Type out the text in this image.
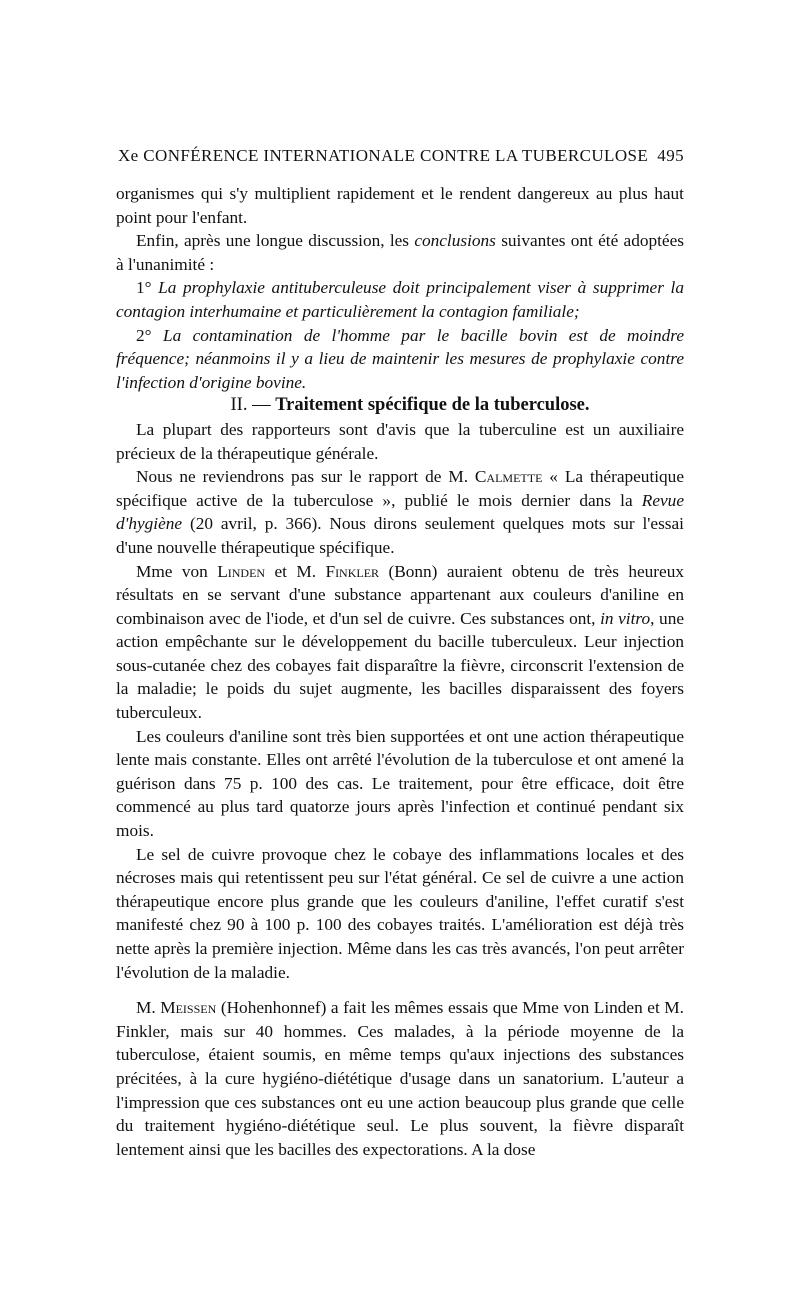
Xe CONFÉRENCE INTERNATIONALE CONTRE LA TUBERCULOSE 495

organismes qui s'y multiplient rapidement et le rendent dangereux au plus haut point pour l'enfant.

Enfin, après une longue discussion, les conclusions suivantes ont été adoptées à l'unanimité :

1° La prophylaxie antituberculeuse doit principalement viser à supprimer la contagion interhumaine et particulièrement la contagion familiale;

2° La contamination de l'homme par le bacille bovin est de moindre fréquence; néanmoins il y a lieu de maintenir les mesures de prophylaxie contre l'infection d'origine bovine.

II. — Traitement spécifique de la tuberculose.

La plupart des rapporteurs sont d'avis que la tuberculine est un auxiliaire précieux de la thérapeutique générale.

Nous ne reviendrons pas sur le rapport de M. Calmette « La thérapeutique spécifique active de la tuberculose », publié le mois dernier dans la Revue d'hygiène (20 avril, p. 366). Nous dirons seulement quelques mots sur l'essai d'une nouvelle thérapeutique spécifique.

Mme von Linden et M. Finkler (Bonn) auraient obtenu de très heureux résultats en se servant d'une substance appartenant aux couleurs d'aniline en combinaison avec de l'iode, et d'un sel de cuivre. Ces substances ont, in vitro, une action empêchante sur le développement du bacille tuberculeux. Leur injection sous-cutanée chez des cobayes fait disparaître la fièvre, circonscrit l'extension de la maladie; le poids du sujet augmente, les bacilles disparaissent des foyers tuberculeux.

Les couleurs d'aniline sont très bien supportées et ont une action thérapeutique lente mais constante. Elles ont arrêté l'évolution de la tuberculose et ont amené la guérison dans 75 p. 100 des cas. Le traitement, pour être efficace, doit être commencé au plus tard quatorze jours après l'infection et continué pendant six mois.

Le sel de cuivre provoque chez le cobaye des inflammations locales et des nécroses mais qui retentissent peu sur l'état général. Ce sel de cuivre a une action thérapeutique encore plus grande que les couleurs d'aniline, l'effet curatif s'est manifesté chez 90 à 100 p. 100 des cobayes traités. L'amélioration est déjà très nette après la première injection. Même dans les cas très avancés, l'on peut arrêter l'évolution de la maladie.

M. Meissen (Hohenhonnef) a fait les mêmes essais que Mme von Linden et M. Finkler, mais sur 40 hommes. Ces malades, à la période moyenne de la tuberculose, étaient soumis, en même temps qu'aux injections des substances précitées, à la cure hygiéno-diététique d'usage dans un sanatorium. L'auteur a l'impression que ces substances ont eu une action beaucoup plus grande que celle du traitement hygiéno-diététique seul. Le plus souvent, la fièvre disparaît lentement ainsi que les bacilles des expectorations. A la dose
